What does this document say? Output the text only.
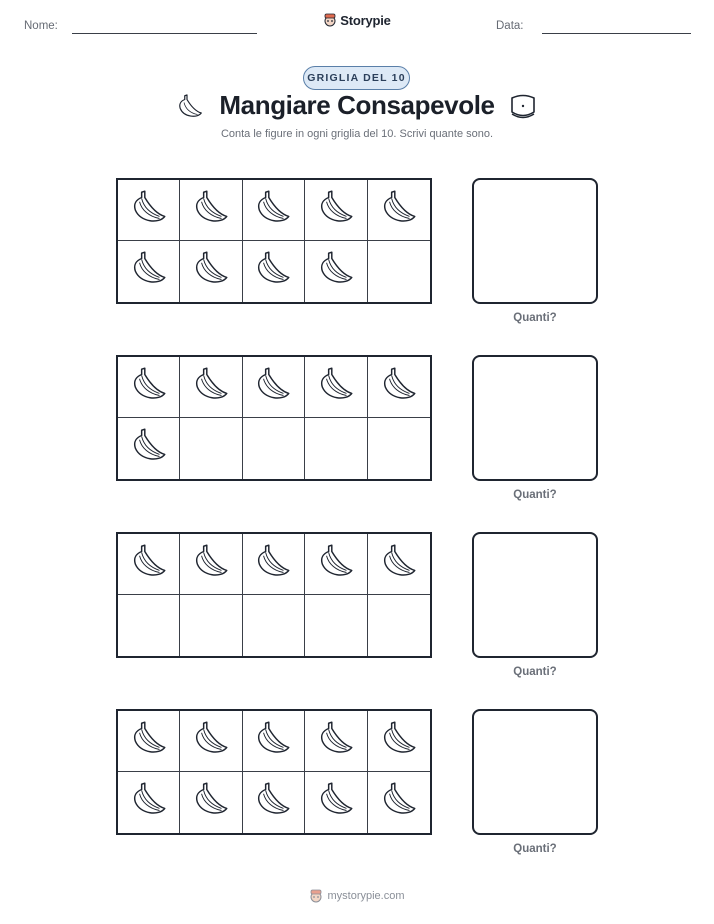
Nome:	Storypie	Data:
GRIGLIA DEL 10
Mangiare Consapevole
Conta le figure in ogni griglia del 10. Scrivi quante sono.
Quanti?
Quanti?
Quanti?
Quanti?
mystorypie.com
